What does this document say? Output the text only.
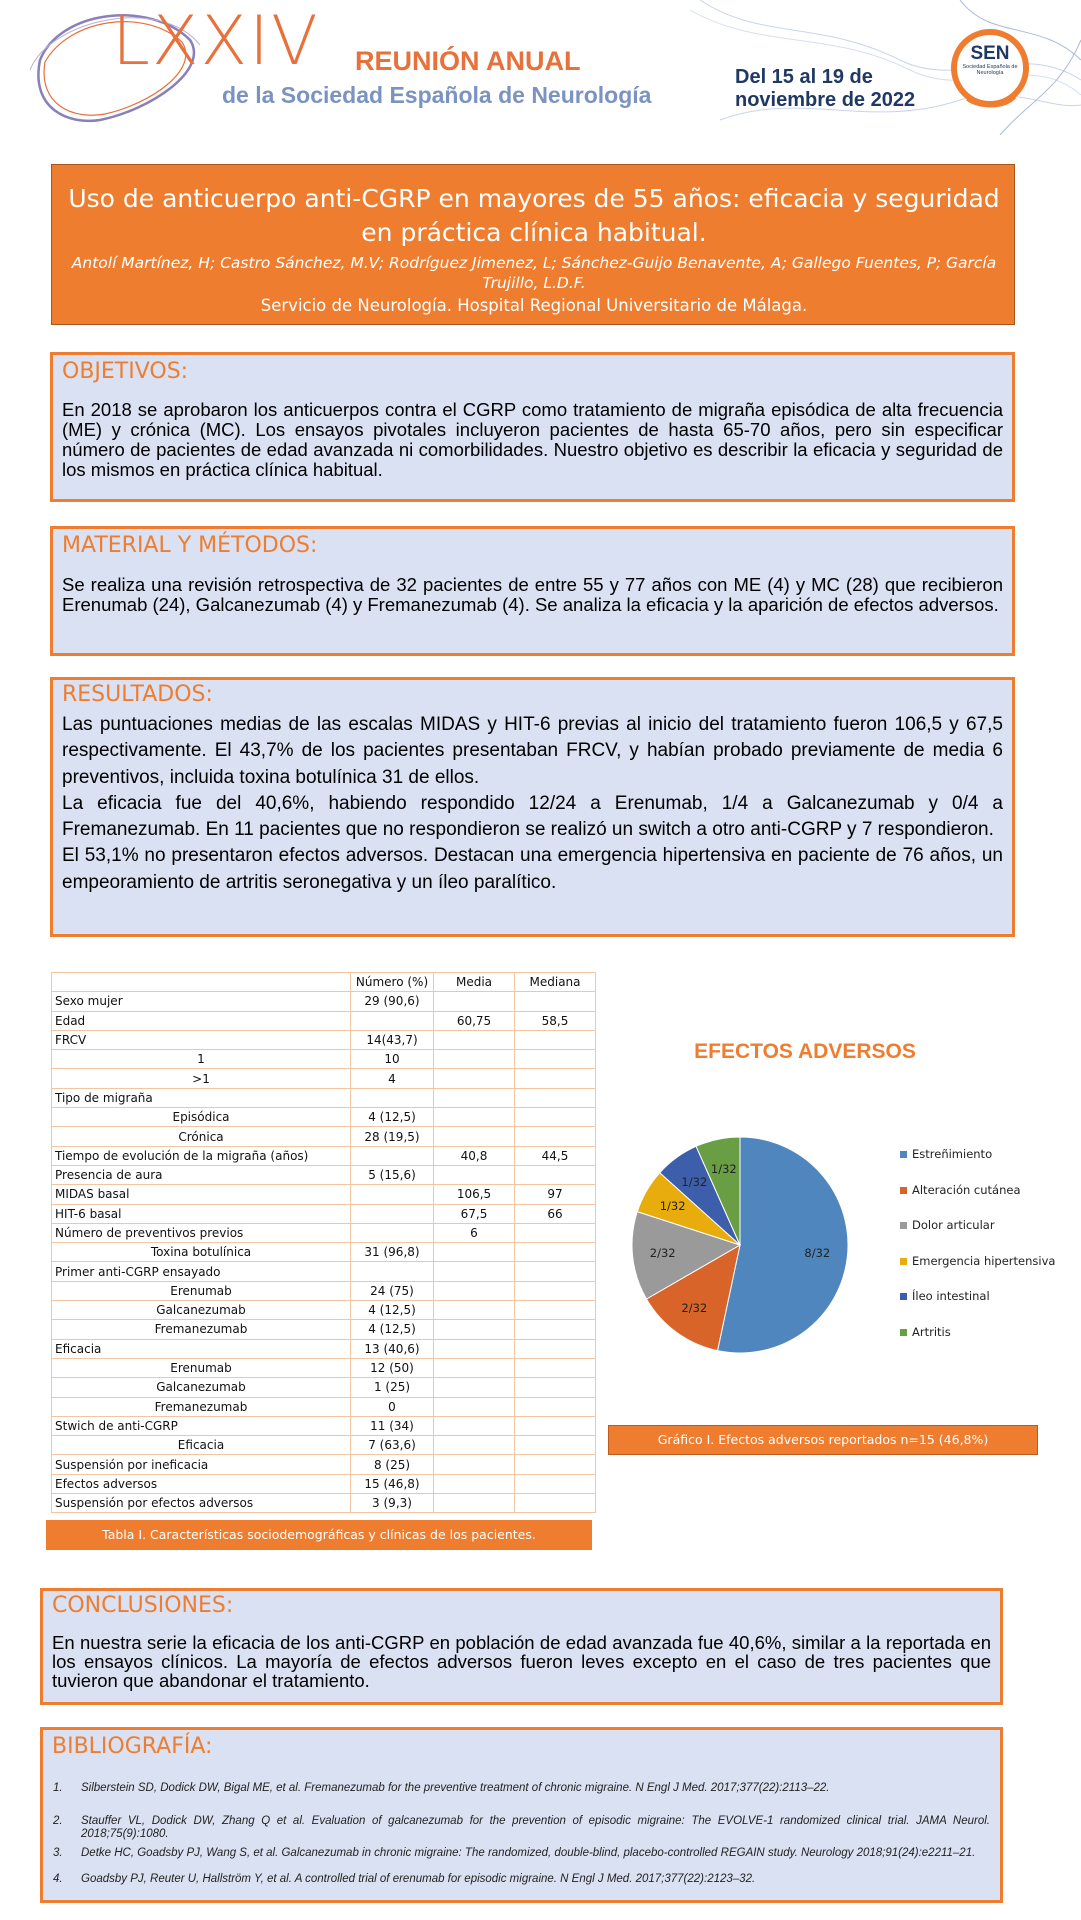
LXXIV REUNIÓN ANUAL
de la Sociedad Española de Neurología
Del 15 al 19 de
noviembre de 2022
SEN
Sociedad Española de Neurología
Uso de anticuerpo anti-CGRP en mayores de 55 años: eficacia y seguridad en práctica clínica habitual.
Antolí Martínez, H; Castro Sánchez, M.V; Rodríguez Jimenez, L; Sánchez-Guijo Benavente, A; Gallego Fuentes, P; García Trujillo, L.D.F.
Servicio de Neurología. Hospital Regional Universitario de Málaga.
OBJETIVOS:
En 2018 se aprobaron los anticuerpos contra el CGRP como tratamiento de migraña episódica de alta frecuencia (ME) y crónica (MC). Los ensayos pivotales incluyeron pacientes de hasta 65-70 años, pero sin especificar número de pacientes de edad avanzada ni comorbilidades. Nuestro objetivo es describir la eficacia y seguridad de los mismos en práctica clínica habitual.
MATERIAL Y MÉTODOS:
Se realiza una revisión retrospectiva de 32 pacientes de entre 55 y 77 años con ME (4) y MC (28) que recibieron Erenumab (24), Galcanezumab (4) y Fremanezumab (4). Se analiza la eficacia y la aparición de efectos adversos.
RESULTADOS:
Las puntuaciones medias de las escalas MIDAS y HIT-6 previas al inicio del tratamiento fueron 106,5 y 67,5 respectivamente. El 43,7% de los pacientes presentaban FRCV, y habían probado previamente de media 6 preventivos, incluida toxina botulínica 31 de ellos.
La eficacia fue del 40,6%, habiendo respondido 12/24 a Erenumab, 1/4 a Galcanezumab y 0/4 a Fremanezumab. En 11 pacientes que no respondieron se realizó un switch a otro anti-CGRP y 7 respondieron.
El 53,1% no presentaron efectos adversos. Destacan una emergencia hipertensiva en paciente de 76 años, un empeoramiento de artritis seronegativa y un íleo paralítico.
	Número (%)	Media	Mediana
Sexo mujer	29 (90,6)		
Edad		60,75	58,5
FRCV	14(43,7)		
1	10		
>1	4		
Tipo de migraña			
Episódica	4 (12,5)		
Crónica	28 (19,5)		
Tiempo de evolución de la migraña (años)		40,8	44,5
Presencia de aura	5 (15,6)		
MIDAS basal		106,5	97
HIT-6 basal		67,5	66
Número de preventivos previos		6	
Toxina botulínica	31 (96,8)		
Primer anti-CGRP ensayado			
Erenumab	24 (75)		
Galcanezumab	4 (12,5)		
Fremanezumab	4 (12,5)		
Eficacia	13 (40,6)		
Erenumab	12 (50)		
Galcanezumab	1 (25)		
Fremanezumab	0		
Stwich de anti-CGRP	11 (34)		
Eficacia	7 (63,6)		
Suspensión por ineficacia	8 (25)		
Efectos adversos	15 (46,8)		
Suspensión por efectos adversos	3 (9,3)		
Tabla I. Características sociodemográficas y clínicas de los pacientes.
EFECTOS ADVERSOS
8/32
2/32
2/32
1/32
1/32
1/32
Estreñimiento
Alteración cutánea
Dolor articular
Emergencia hipertensiva
Íleo intestinal
Artritis
Gráfico I. Efectos adversos reportados n=15 (46,8%)
CONCLUSIONES:
En nuestra serie la eficacia de los anti-CGRP en población de edad avanzada fue 40,6%, similar a la reportada en los ensayos clínicos. La mayoría de efectos adversos fueron leves excepto en el caso de tres pacientes que tuvieron que abandonar el tratamiento.
BIBLIOGRAFÍA:
1. Silberstein SD, Dodick DW, Bigal ME, et al. Fremanezumab for the preventive treatment of chronic migraine. N Engl J Med. 2017;377(22):2113–22.
2. Stauffer VL, Dodick DW, Zhang Q et al. Evaluation of galcanezumab for the prevention of episodic migraine: The EVOLVE-1 randomized clinical trial. JAMA Neurol. 2018;75(9):1080.
3. Detke HC, Goadsby PJ, Wang S, et al. Galcanezumab in chronic migraine: The randomized, double-blind, placebo-controlled REGAIN study. Neurology 2018;91(24):e2211–21.
4. Goadsby PJ, Reuter U, Hallström Y, et al. A controlled trial of erenumab for episodic migraine. N Engl J Med. 2017;377(22):2123–32.
